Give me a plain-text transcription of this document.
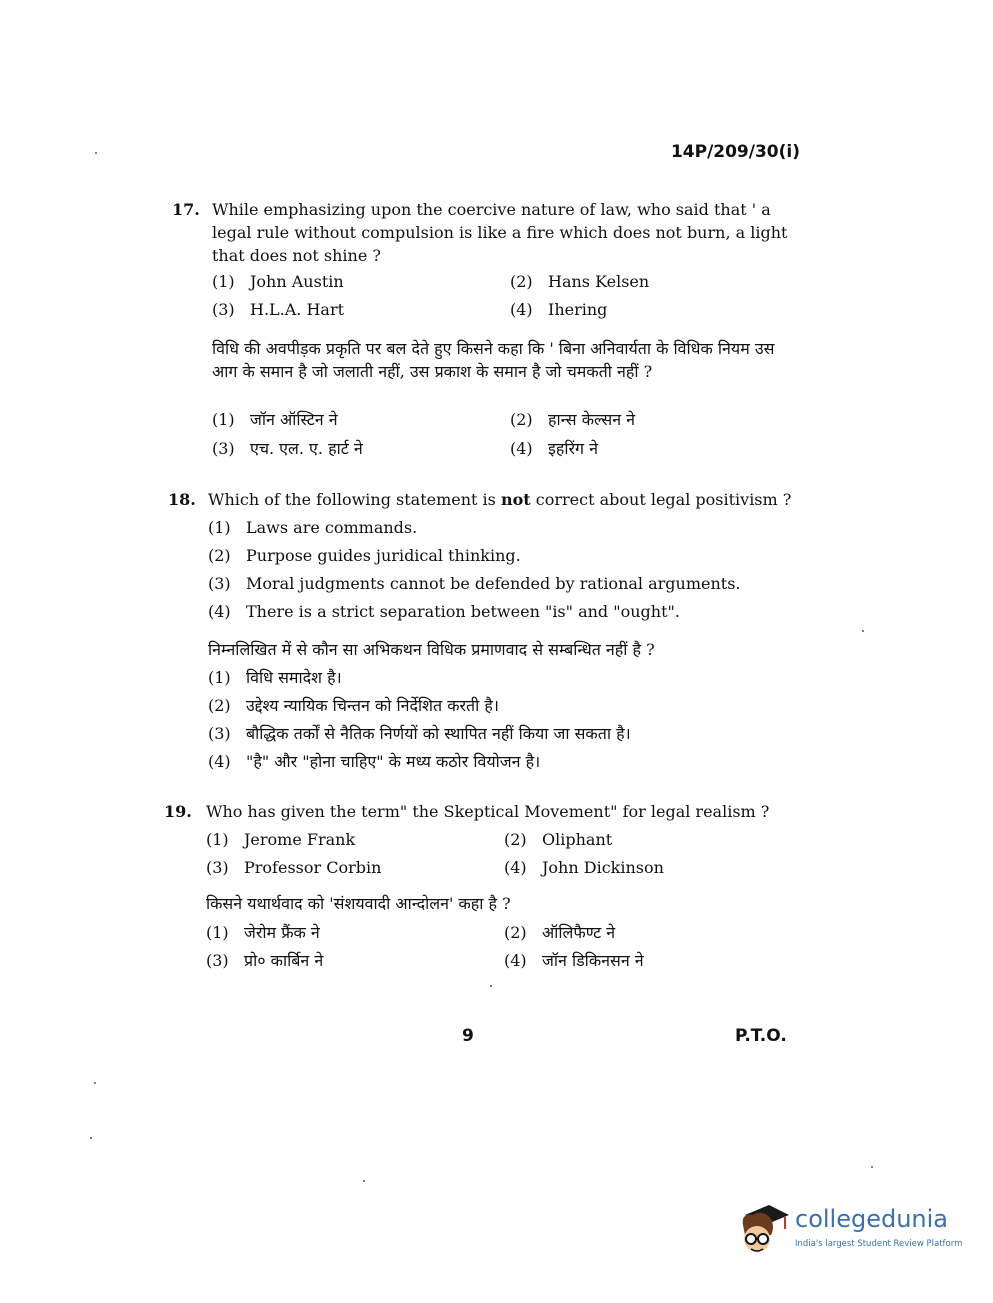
14P/209/30(i)
17. While emphasizing upon the coercive nature of law, who said that ' a legal rule without compulsion is like a fire which does not burn, a light that does not shine ?
(1) John Austin	(2) Hans Kelsen
(3) H.L.A. Hart	(4) Ihering
विधि की अवपीड़क प्रकृति पर बल देते हुए किसने कहा कि ' बिना अनिवार्यता के विधिक नियम उस आग के समान है जो जलाती नहीं, उस प्रकाश के समान है जो चमकती नहीं ?
(1) जॉन ऑस्टिन ने	(2) हान्स केल्सन ने
(3) एच. एल. ए. हार्ट ने	(4) इहरिंग ने
18. Which of the following statement is not correct about legal positivism ?
(1) Laws are commands.
(2) Purpose guides juridical thinking.
(3) Moral judgments cannot be defended by rational arguments.
(4) There is a strict separation between "is" and "ought".
निम्नलिखित में से कौन सा अभिकथन विधिक प्रमाणवाद से सम्बन्धित नहीं है ?
(1) विधि समादेश है।
(2) उद्देश्य न्यायिक चिन्तन को निर्देशित करती है।
(3) बौद्धिक तर्कों से नैतिक निर्णयों को स्थापित नहीं किया जा सकता है।
(4) "है" और "होना चाहिए" के मध्य कठोर वियोजन है।
19. Who has given the term" the Skeptical Movement" for legal realism ?
(1) Jerome Frank	(2) Oliphant
(3) Professor Corbin	(4) John Dickinson
किसने यथार्थवाद को 'संशयवादी आन्दोलन' कहा है ?
(1) जेरोम फ्रैंक ने	(2) ऑलिफैण्ट ने
(3) प्रो० कार्बिन ने	(4) जॉन डिकिनसन ने
9	P.T.O.
collegedunia
India's largest Student Review Platform
